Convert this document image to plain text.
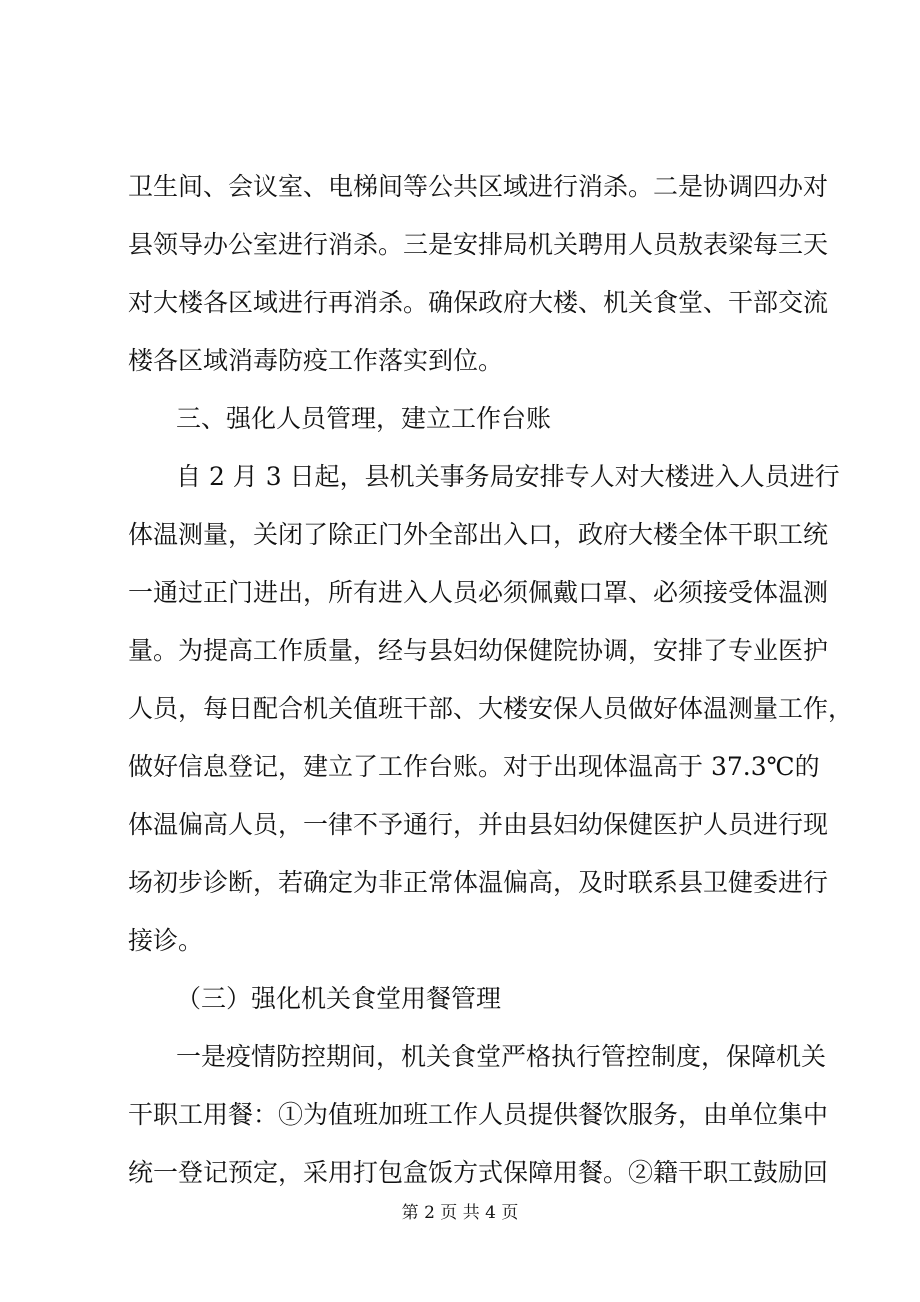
卫生间、会议室、电梯间等公共区域进行消杀。二是协调四办对
县领导办公室进行消杀。三是安排局机关聘用人员敖表梁每三天
对大楼各区域进行再消杀。确保政府大楼、机关食堂、干部交流
楼各区域消毒防疫工作落实到位。
三、强化人员管理，建立工作台账
自 2 月 3 日起，县机关事务局安排专人对大楼进入人员进行
体温测量，关闭了除正门外全部出入口，政府大楼全体干职工统
一通过正门进出，所有进入人员必须佩戴口罩、必须接受体温测
量。为提高工作质量，经与县妇幼保健院协调，安排了专业医护
人员，每日配合机关值班干部、大楼安保人员做好体温测量工作，
做好信息登记，建立了工作台账。对于出现体温高于 37.3℃的
体温偏高人员，一律不予通行，并由县妇幼保健医护人员进行现
场初步诊断，若确定为非正常体温偏高，及时联系县卫健委进行
接诊。
（三）强化机关食堂用餐管理
一是疫情防控期间，机关食堂严格执行管控制度，保障机关
干职工用餐：①为值班加班工作人员提供餐饮服务，由单位集中
统一登记预定，采用打包盒饭方式保障用餐。②籍干职工鼓励回
第 2 页 共 4 页
